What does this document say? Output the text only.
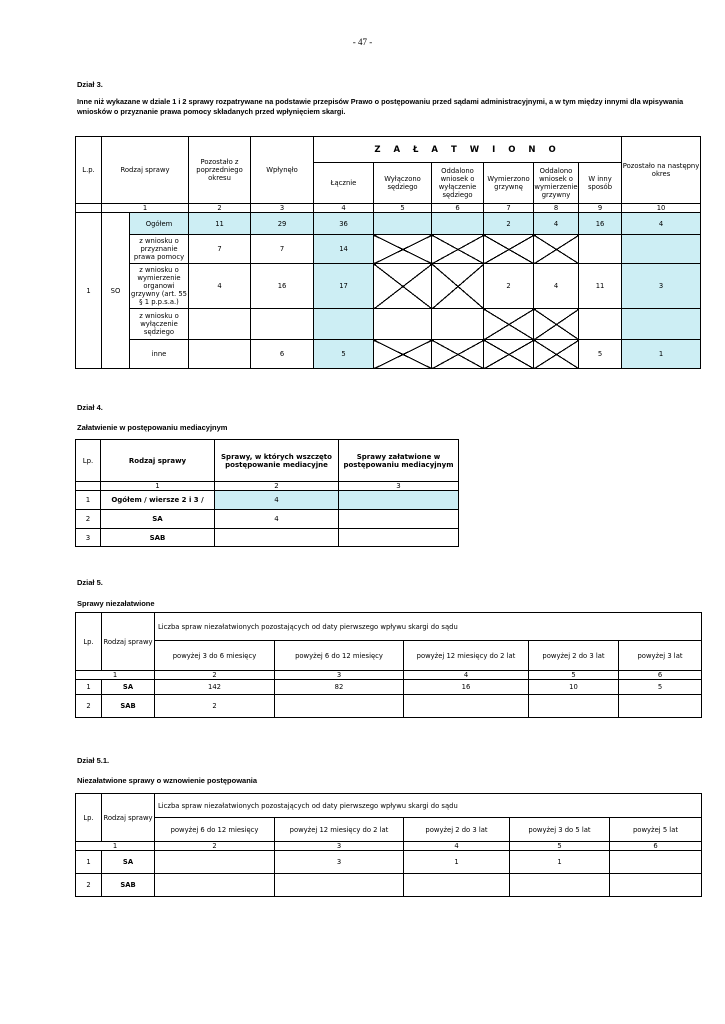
- 47 -
Dział 3.
Inne niż wykazane w dziale 1 i 2 sprawy rozpatrywane na podstawie przepisów Prawo o postępowaniu przed sądami administracyjnymi, a w tym między innymi dla wpisywania wniosków o przyznanie prawa pomocy składanych przed wpłynięciem skargi.
L.p.	Rodzaj sprawy		Pozostało z poprzedniego okresu	Wpłynęło	Z A Ł A T W I O N O						Pozostało na następny okres
					Łącznie	Wyłączono sędziego	Oddalono wniosek o wyłączenie sędziego	Wymierzono grzywnę	Oddalono wniosek o wymierzenie grzywny	W inny sposób	
	1		2	3	4	5	6	7	8	9	10
1	SO	Ogółem	11	29	36			2	4	16	4
		z wniosku o przyznanie prawa pomocy	7	7	14						
		z wniosku o wymierzenie organowi grzywny (art. 55 § 1 p.p.s.a.)	4	16	17			2	4	11	3
		z wniosku o wyłączenie sędziego									
		inne		6	5					5	1
Dział 4.
Załatwienie w postępowaniu mediacyjnym
Lp.	Rodzaj sprawy	Sprawy, w których wszczęto postępowanie mediacyjne	Sprawy załatwione w postępowaniu mediacyjnym
	1	2	3
1	Ogółem / wiersze 2 i 3 /	4	
2	SA	4	
3	SAB		
Dział 5.
Sprawy niezałatwione
Lp.	Rodzaj sprawy	Liczba spraw niezałatwionych pozostających od daty pierwszego wpływu skargi do sądu				
		powyżej 3 do 6 miesięcy	powyżej 6 do 12 miesięcy	powyżej 12 miesięcy do 2 lat	powyżej 2 do 3 lat	powyżej 3 lat
1		2	3	4	5	6
1	SA	142	82	16	10	5
2	SAB	2				
Dział 5.1.
Niezałatwione sprawy o wznowienie postępowania
Lp.	Rodzaj sprawy	Liczba spraw niezałatwionych pozostających od daty pierwszego wpływu skargi do sądu				
		powyżej 6 do 12 miesięcy	powyżej 12 miesięcy do 2 lat	powyżej 2 do 3 lat	powyżej 3 do 5 lat	powyżej 5 lat
1		2	3	4	5	6
1	SA		3	1	1	
2	SAB					
